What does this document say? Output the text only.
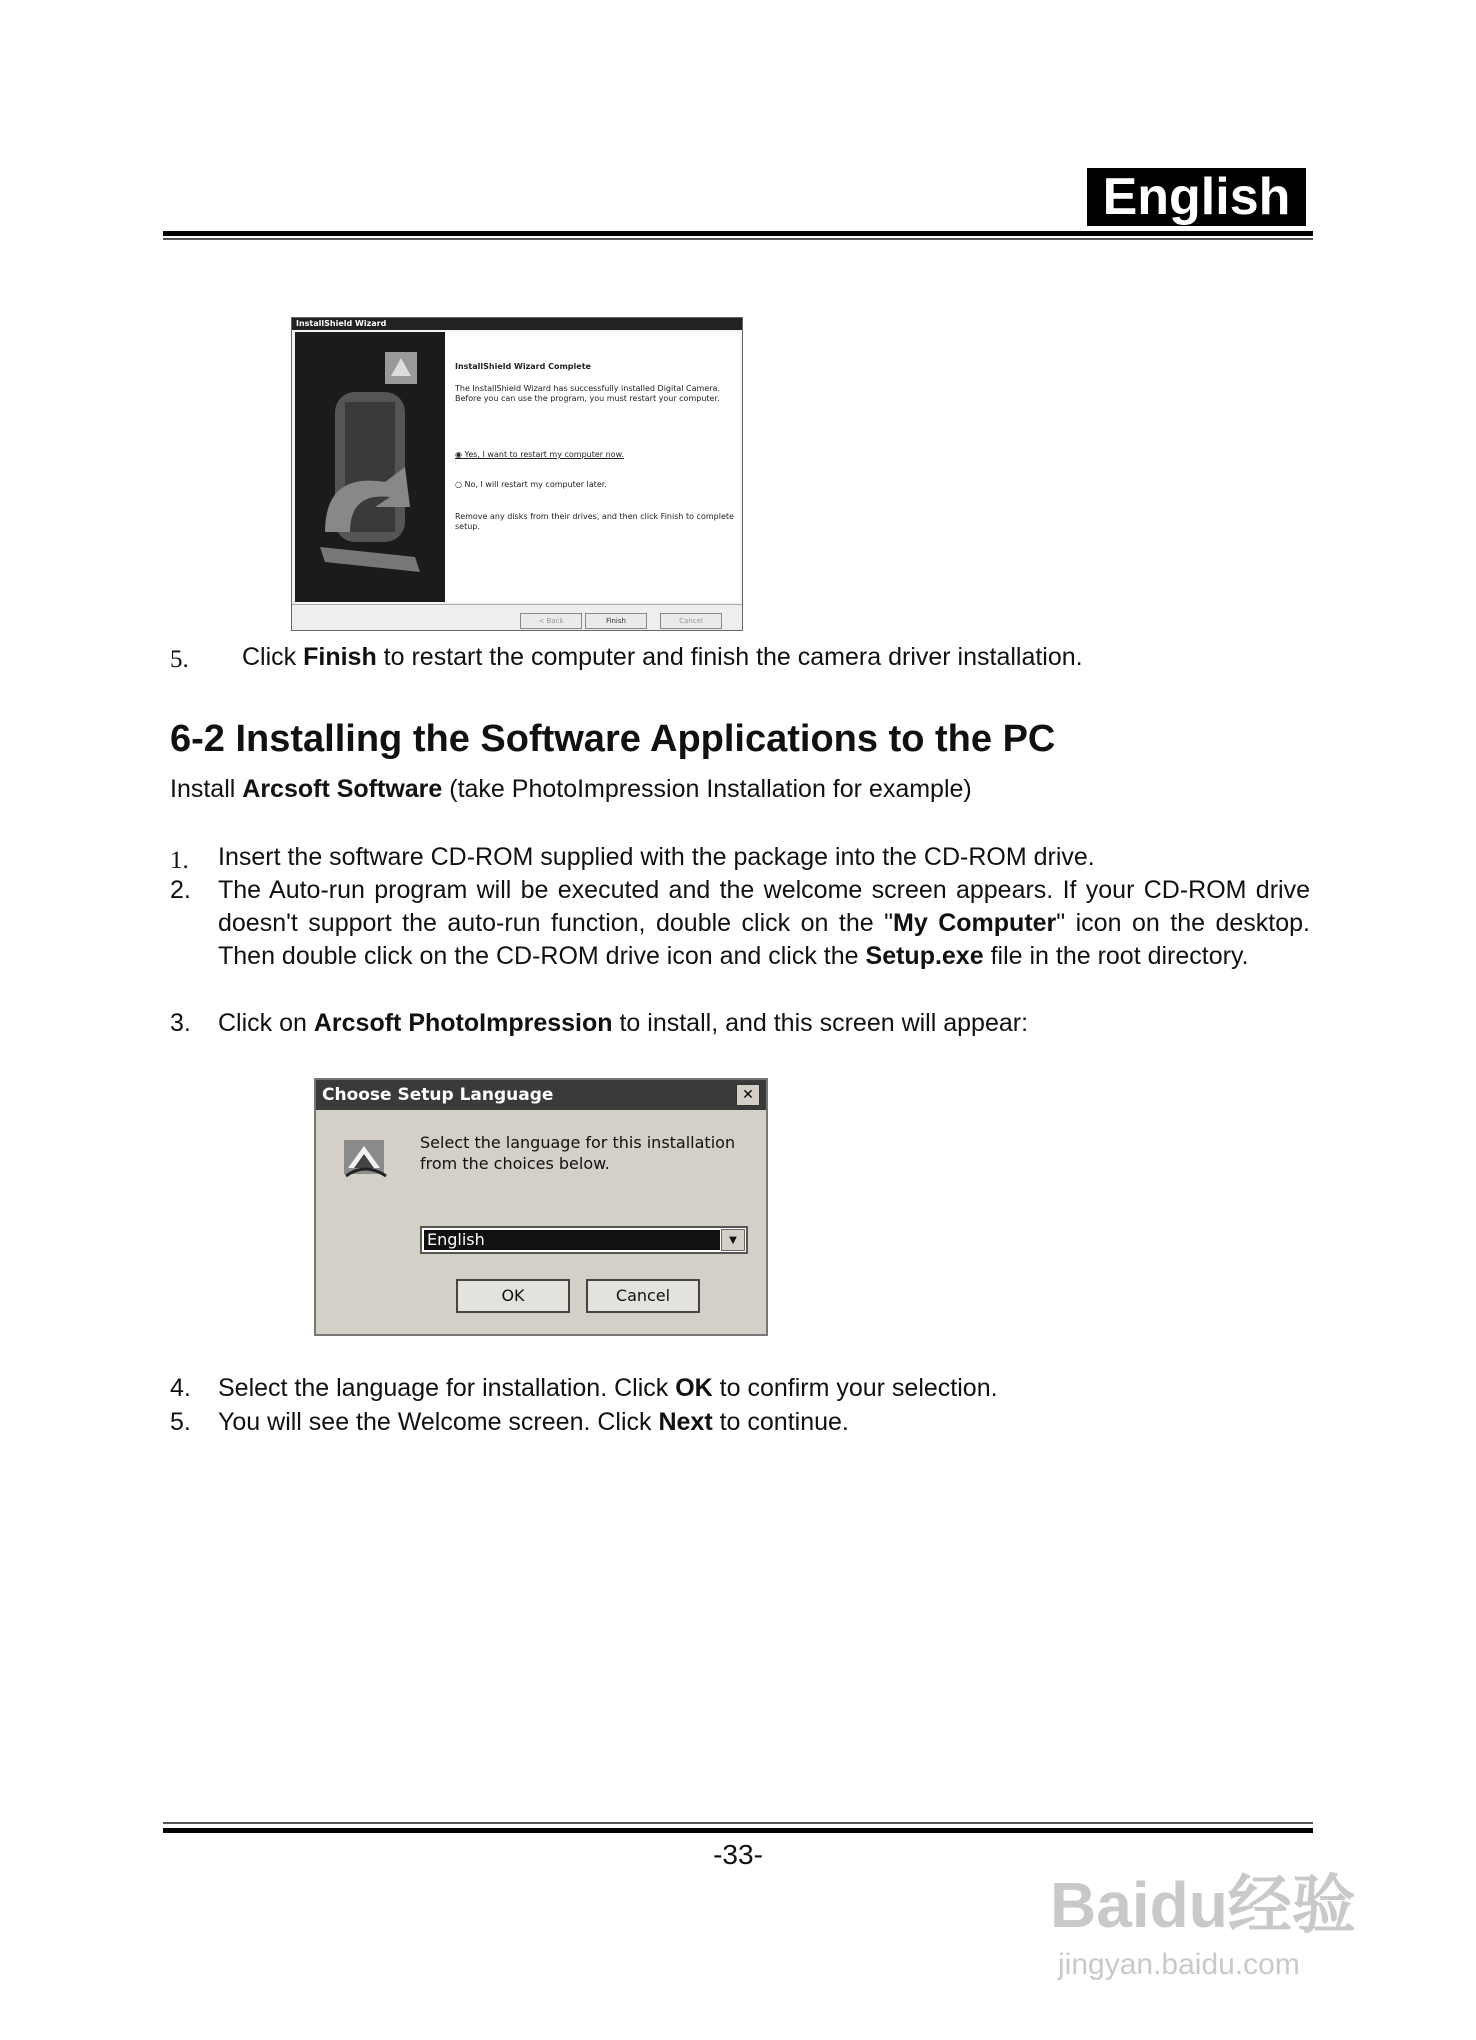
English
InstallShield Wizard
InstallShield Wizard Complete
The InstallShield Wizard has successfully installed Digital Camera. Before you can use the program, you must restart your computer.
◉ Yes, I want to restart my computer now.
○ No, I will restart my computer later.
Remove any disks from their drives, and then click Finish to complete setup.
< Back	Finish	Cancel
5. Click Finish to restart the computer and finish the camera driver installation.
6-2 Installing the Software Applications to the PC
Install Arcsoft Software (take PhotoImpression Installation for example)
1. Insert the software CD-ROM supplied with the package into the CD-ROM drive.
2. The Auto-run program will be executed and the welcome screen appears. If your CD-ROM drive doesn't support the auto-run function, double click on the "My Computer" icon on the desktop. Then double click on the CD-ROM drive icon and click the Setup.exe file in the root directory.
3. Click on Arcsoft PhotoImpression to install, and this screen will appear:
Choose Setup Language	✕
Select the language for this installation from the choices below.
English	▼
OK	Cancel
4. Select the language for installation. Click OK to confirm your selection.
5. You will see the Welcome screen. Click Next to continue.
-33-
Baidu经验
jingyan.baidu.com
